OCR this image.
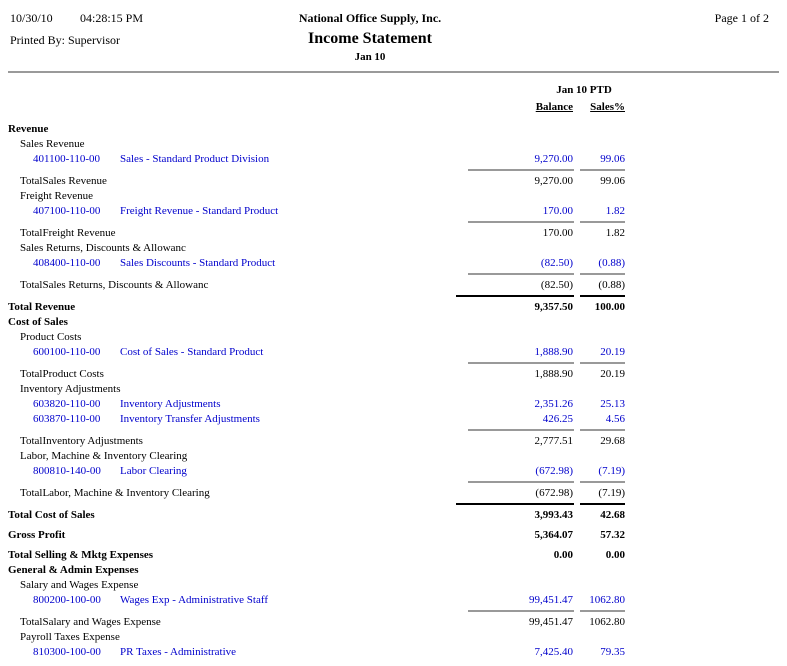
10/30/10 04:28:15 PM
Printed By: Supervisor
National Office Supply, Inc.
Income Statement
Jan 10
Page 1 of 2
Jan 10 PTD
Balance	Sales%
Revenue
Sales Revenue
401100-110-00 Sales - Standard Product Division	9,270.00	99.06
TotalSales Revenue	9,270.00	99.06
Freight Revenue
407100-110-00 Freight Revenue - Standard Product	170.00	1.82
TotalFreight Revenue	170.00	1.82
Sales Returns, Discounts & Allowanc
408400-110-00 Sales Discounts - Standard Product	(82.50)	(0.88)
TotalSales Returns, Discounts & Allowanc	(82.50)	(0.88)
Total Revenue	9,357.50	100.00
Cost of Sales
Product Costs
600100-110-00 Cost of Sales - Standard Product	1,888.90	20.19
TotalProduct Costs	1,888.90	20.19
Inventory Adjustments
603820-110-00 Inventory Adjustments	2,351.26	25.13
603870-110-00 Inventory Transfer Adjustments	426.25	4.56
TotalInventory Adjustments	2,777.51	29.68
Labor, Machine & Inventory Clearing
800810-140-00 Labor Clearing	(672.98)	(7.19)
TotalLabor, Machine & Inventory Clearing	(672.98)	(7.19)
Total Cost of Sales	3,993.43	42.68
Gross Profit	5,364.07	57.32
Total Selling & Mktg Expenses	0.00	0.00
General & Admin Expenses
Salary and Wages Expense
800200-100-00 Wages Exp - Administrative Staff	99,451.47	1062.80
TotalSalary and Wages Expense	99,451.47	1062.80
Payroll Taxes Expense
810300-100-00 PR Taxes - Administrative	7,425.40	79.35
